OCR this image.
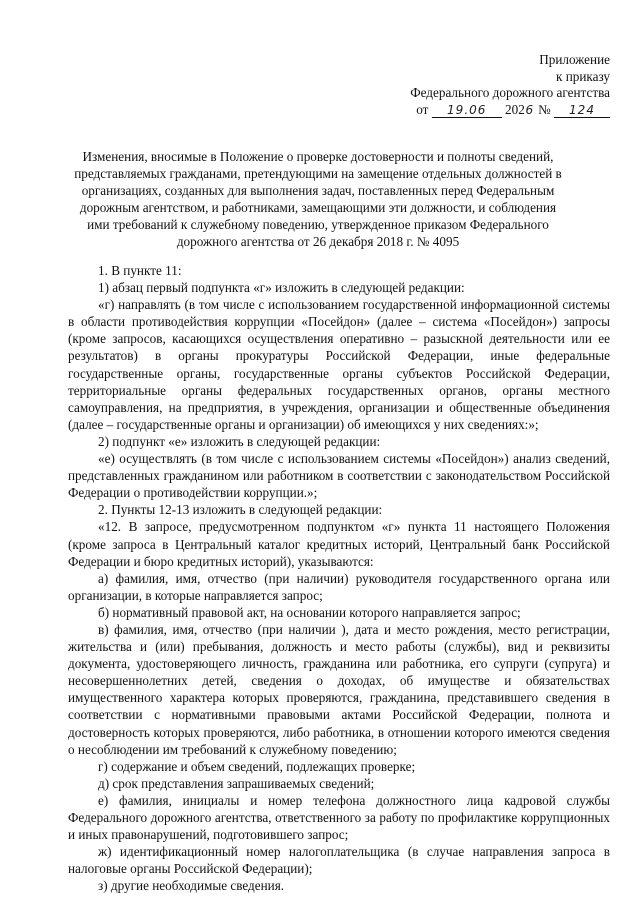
Приложение
к приказу
Федерального дорожного агентства
от 19.06 2026 № 124
Изменения, вносимые в Положение о проверке достоверности и полноты сведений, представляемых гражданами, претендующими на замещение отдельных должностей в организациях, созданных для выполнения задач, поставленных перед Федеральным дорожным агентством, и работниками, замещающими эти должности, и соблюдения ими требований к служебному поведению, утвержденное приказом Федерального дорожного агентства от 26 декабря 2018 г. № 4095

1. В пункте 11:

1) абзац первый подпункта «г» изложить в следующей редакции:

«г) направлять (в том числе с использованием государственной информационной системы в области противодействия коррупции «Посейдон» (далее – система «Посейдон») запросы (кроме запросов, касающихся осуществления оперативно – разыскной деятельности или ее результатов) в органы прокуратуры Российской Федерации, иные федеральные государственные органы, государственные органы субъектов Российской Федерации, территориальные органы федеральных государственных органов, органы местного самоуправления, на предприятия, в учреждения, организации и общественные объединения (далее – государственные органы и организации) об имеющихся у них сведениях:»;

2) подпункт «е» изложить в следующей редакции:

«е) осуществлять (в том числе с использованием системы «Посейдон») анализ сведений, представленных гражданином или работником в соответствии с законодательством Российской Федерации о противодействии коррупции.»;

2. Пункты 12-13 изложить в следующей редакции:

«12. В запросе, предусмотренном подпунктом «г» пункта 11 настоящего Положения (кроме запроса в Центральный каталог кредитных историй, Центральный банк Российской Федерации и бюро кредитных историй), указываются:

а) фамилия, имя, отчество (при наличии) руководителя государственного органа или организации, в которые направляется запрос;

б) нормативный правовой акт, на основании которого направляется запрос;

в) фамилия, имя, отчество (при наличии ), дата и место рождения, место регистрации, жительства и (или) пребывания, должность и место работы (службы), вид и реквизиты документа, удостоверяющего личность, гражданина или работника, его супруги (супруга) и несовершеннолетних детей, сведения о доходах, об имуществе и обязательствах имущественного характера которых проверяются, гражданина, представившего сведения в соответствии с нормативными правовыми актами Российской Федерации, полнота и достоверность которых проверяются, либо работника, в отношении которого имеются сведения о несоблюдении им требований к служебному поведению;

г) содержание и объем сведений, подлежащих проверке;

д) срок представления запрашиваемых сведений;

е) фамилия, инициалы и номер телефона должностного лица кадровой службы Федерального дорожного агентства, ответственного за работу по профилактике коррупционных и иных правонарушений, подготовившего запрос;

ж) идентификационный номер налогоплательщика (в случае направления запроса в налоговые органы Российской Федерации);

з) другие необходимые сведения.
